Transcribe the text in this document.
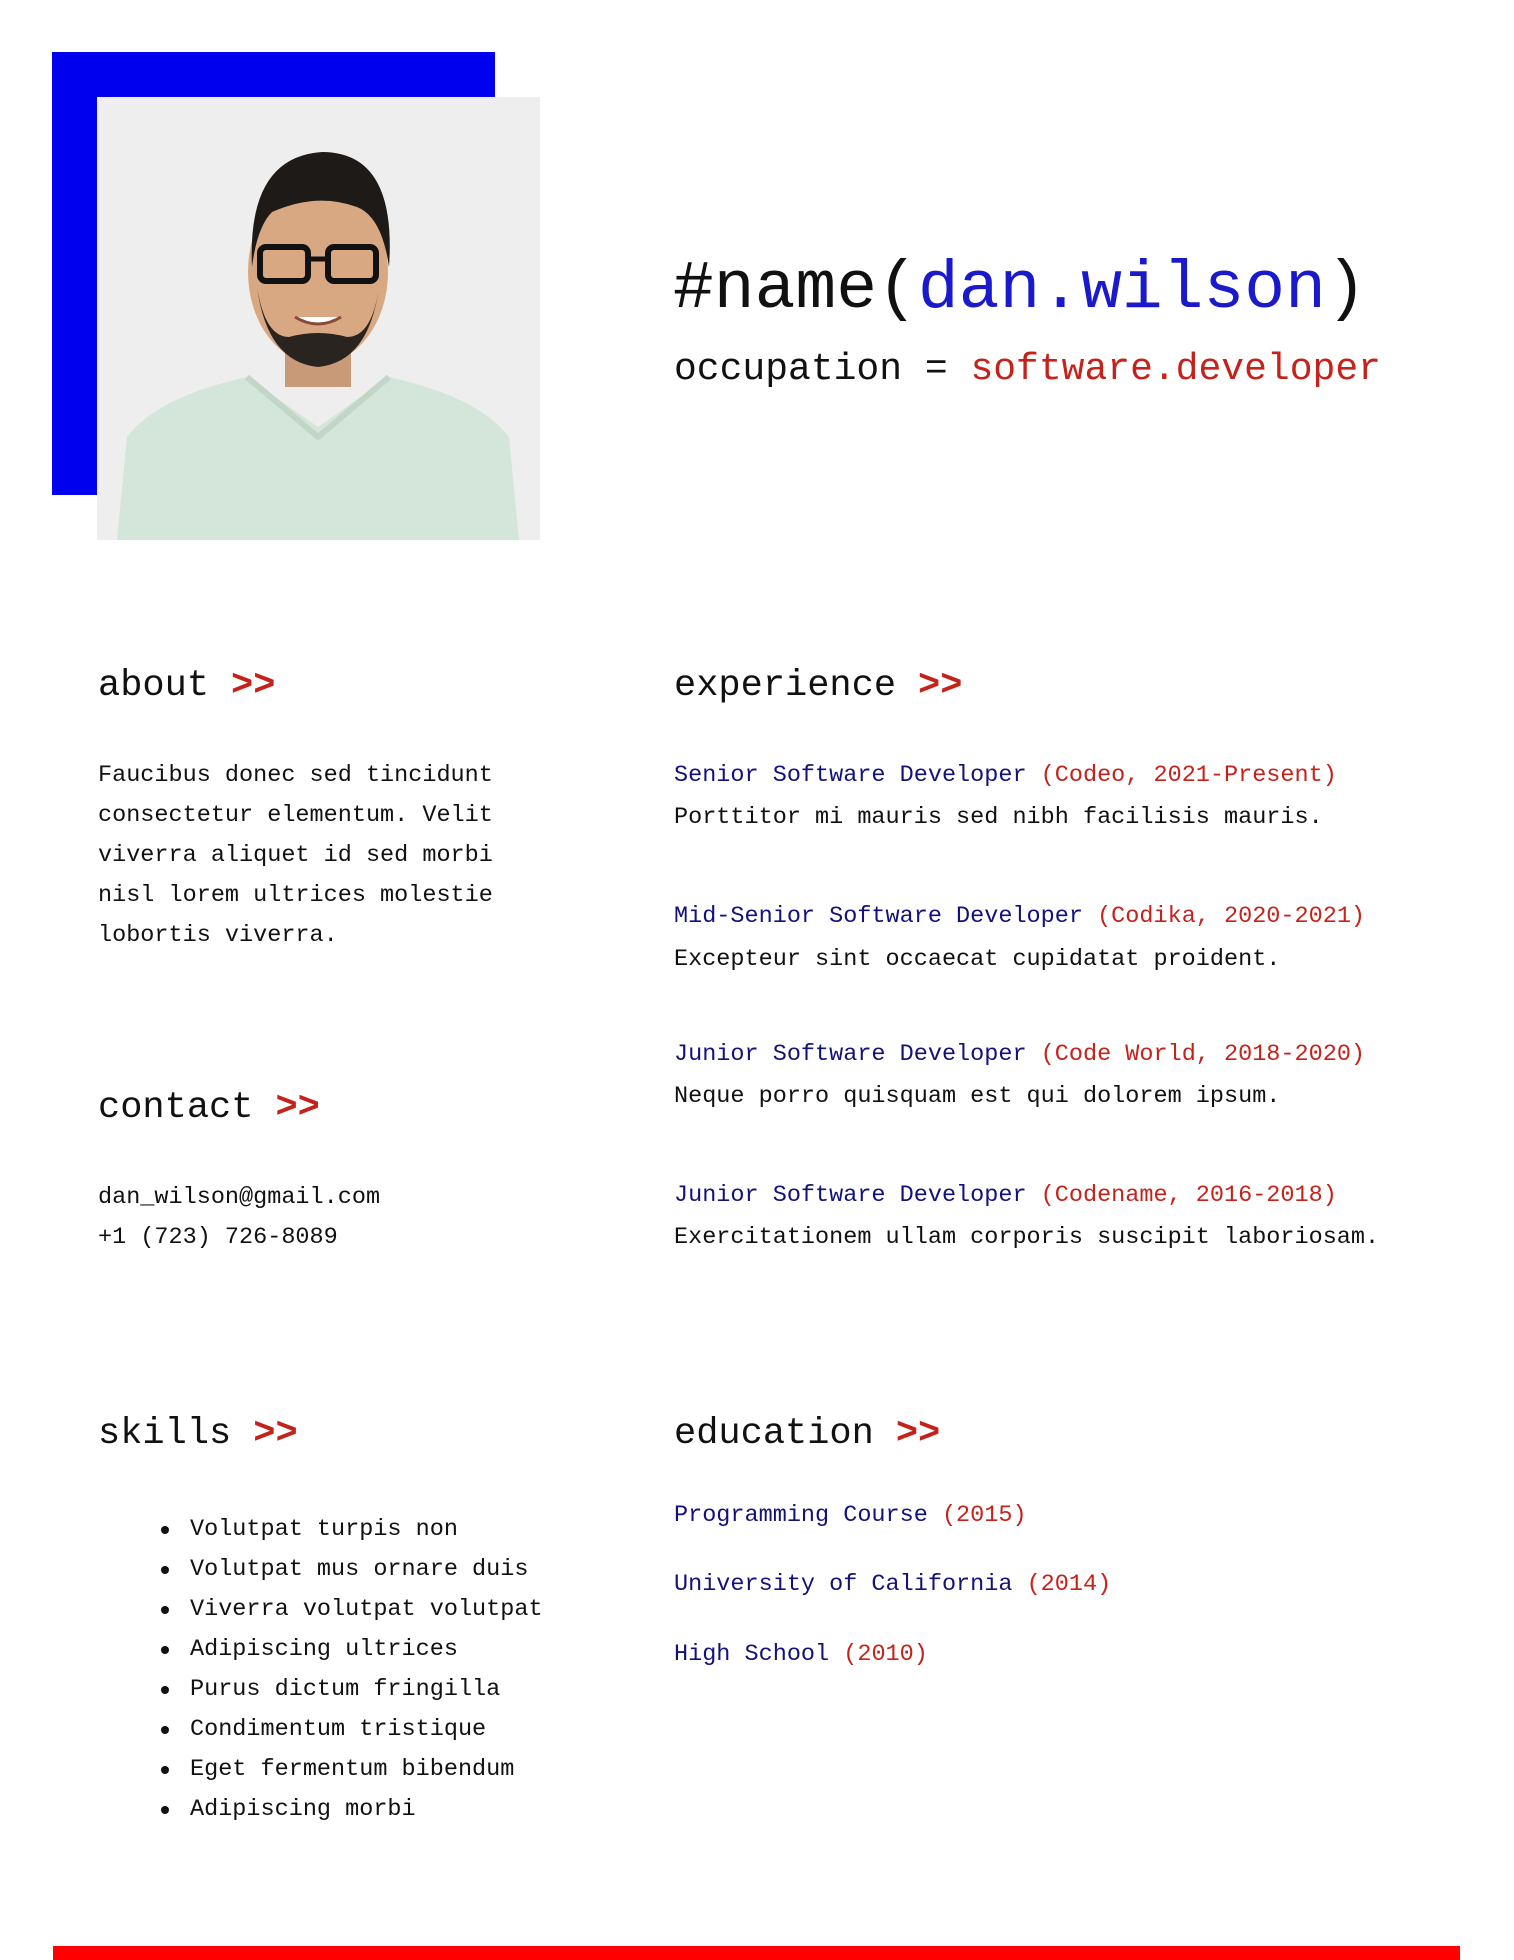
#name(dan.wilson)
occupation = software.developer
about >>
Faucibus donec sed tincidunt
consectetur elementum. Velit
viverra aliquet id sed morbi
nisl lorem ultrices molestie
lobortis viverra.
contact >>
dan_wilson@gmail.com
+1 (723) 726-8089
skills >>
Volutpat turpis non
Volutpat mus ornare duis
Viverra volutpat volutpat
Adipiscing ultrices
Purus dictum fringilla
Condimentum tristique
Eget fermentum bibendum
Adipiscing morbi
experience >>
Senior Software Developer (Codeo, 2021-Present)
Porttitor mi mauris sed nibh facilisis mauris.
Mid-Senior Software Developer (Codika, 2020-2021)
Excepteur sint occaecat cupidatat proident.
Junior Software Developer (Code World, 2018-2020)
Neque porro quisquam est qui dolorem ipsum.
Junior Software Developer (Codename, 2016-2018)
Exercitationem ullam corporis suscipit laboriosam.
education >>
Programming Course (2015)
University of California (2014)
High School (2010)
